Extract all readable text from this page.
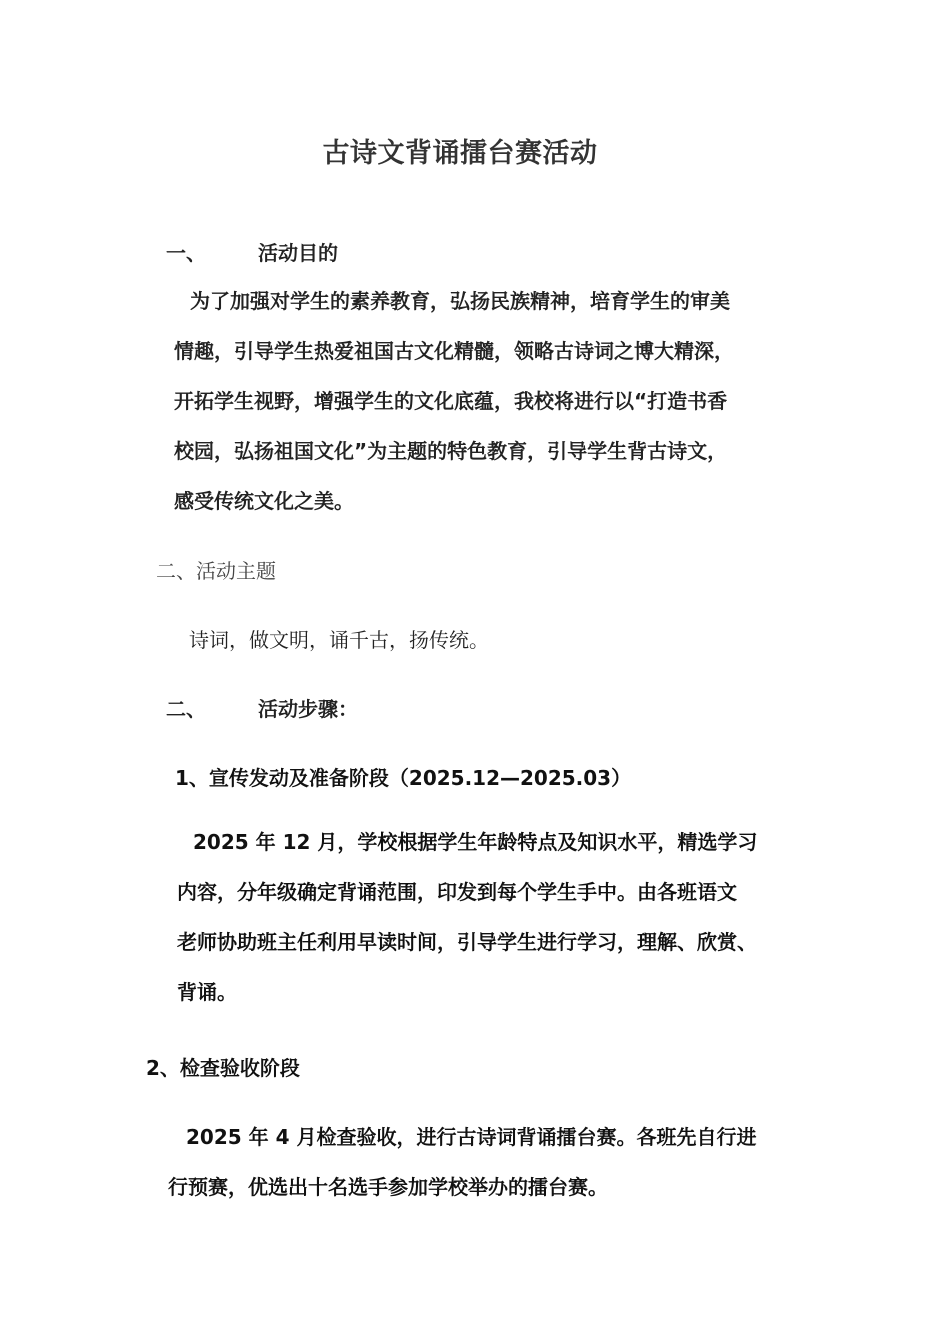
古诗文背诵擂台赛活动
一、	活动目的
为了加强对学生的素养教育，弘扬民族精神，培育学生的审美
情趣，引导学生热爱祖国古文化精髓，领略古诗词之博大精深，
开拓学生视野，增强学生的文化底蕴，我校将进行以“打造书香
校园，弘扬祖国文化”为主题的特色教育，引导学生背古诗文，
感受传统文化之美。
二、活动主题
诗词，做文明，诵千古，扬传统。
二、	活动步骤：
1、宣传发动及准备阶段（2025.12—2025.03）
2025 年 12 月，学校根据学生年龄特点及知识水平，精选学习
内容，分年级确定背诵范围，印发到每个学生手中。由各班语文
老师协助班主任利用早读时间，引导学生进行学习，理解、欣赏、
背诵。
2、检查验收阶段
2025 年 4 月检查验收，进行古诗词背诵擂台赛。各班先自行进
行预赛，优选出十名选手参加学校举办的擂台赛。
